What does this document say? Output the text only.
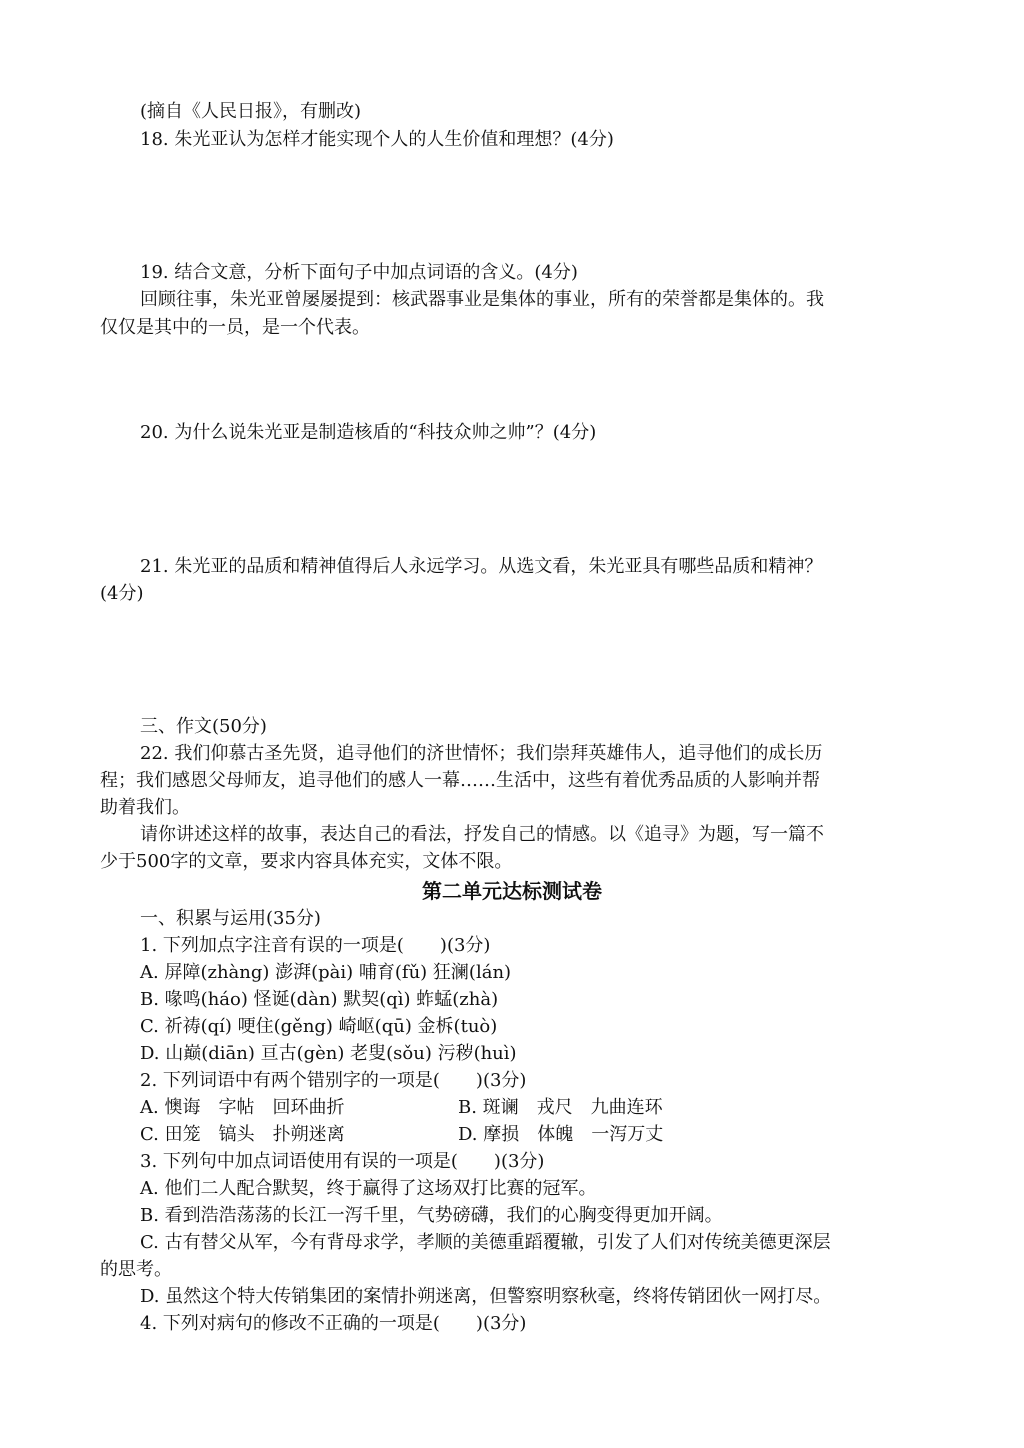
(摘自《人民日报》，有删改)
18. 朱光亚认为怎样才能实现个人的人生价值和理想？(4分)
19. 结合文意，分析下面句子中加点词语的含义。(4分)
回顾往事，朱光亚曾屡屡提到：核武器事业是集体的事业，所有的荣誉都是集体的。我
仅仅是其中的一员，是一个代表。
20. 为什么说朱光亚是制造核盾的“科技众帅之帅”？(4分)
21. 朱光亚的品质和精神值得后人永远学习。从选文看，朱光亚具有哪些品质和精神？
(4分)
三、作文(50分)
22. 我们仰慕古圣先贤，追寻他们的济世情怀；我们崇拜英雄伟人，追寻他们的成长历
程；我们感恩父母师友，追寻他们的感人一幕……生活中，这些有着优秀品质的人影响并帮
助着我们。
请你讲述这样的故事，表达自己的看法，抒发自己的情感。以《追寻》为题，写一篇不
少于500字的文章，要求内容具体充实，文体不限。
第二单元达标测试卷
一、积累与运用(35分)
1. 下列加点字注音有误的一项是(　　)(3分)
A. 屏障(zhàng) 澎湃(pài) 哺育(fǔ) 狂澜(lán)
B. 喙鸣(háo) 怪诞(dàn) 默契(qì) 蚱蜢(zhà)
C. 祈祷(qí) 哽住(gěng) 崎岖(qū) 金柝(tuò)
D. 山巅(diān) 亘古(gèn) 老叟(sǒu) 污秽(huì)
2. 下列词语中有两个错别字的一项是(　　)(3分)
A. 懊诲　字帖　回环曲折	B. 斑谰　戎尺　九曲连环
C. 田笼　镐头　扑朔迷离	D. 摩损　体魄　一泻万丈
3. 下列句中加点词语使用有误的一项是(　　)(3分)
A. 他们二人配合默契，终于赢得了这场双打比赛的冠军。
B. 看到浩浩荡荡的长江一泻千里，气势磅礴，我们的心胸变得更加开阔。
C. 古有替父从军，今有背母求学，孝顺的美德重蹈覆辙，引发了人们对传统美德更深层
的思考。
D. 虽然这个特大传销集团的案情扑朔迷离，但警察明察秋毫，终将传销团伙一网打尽。
4. 下列对病句的修改不正确的一项是(　　)(3分)
